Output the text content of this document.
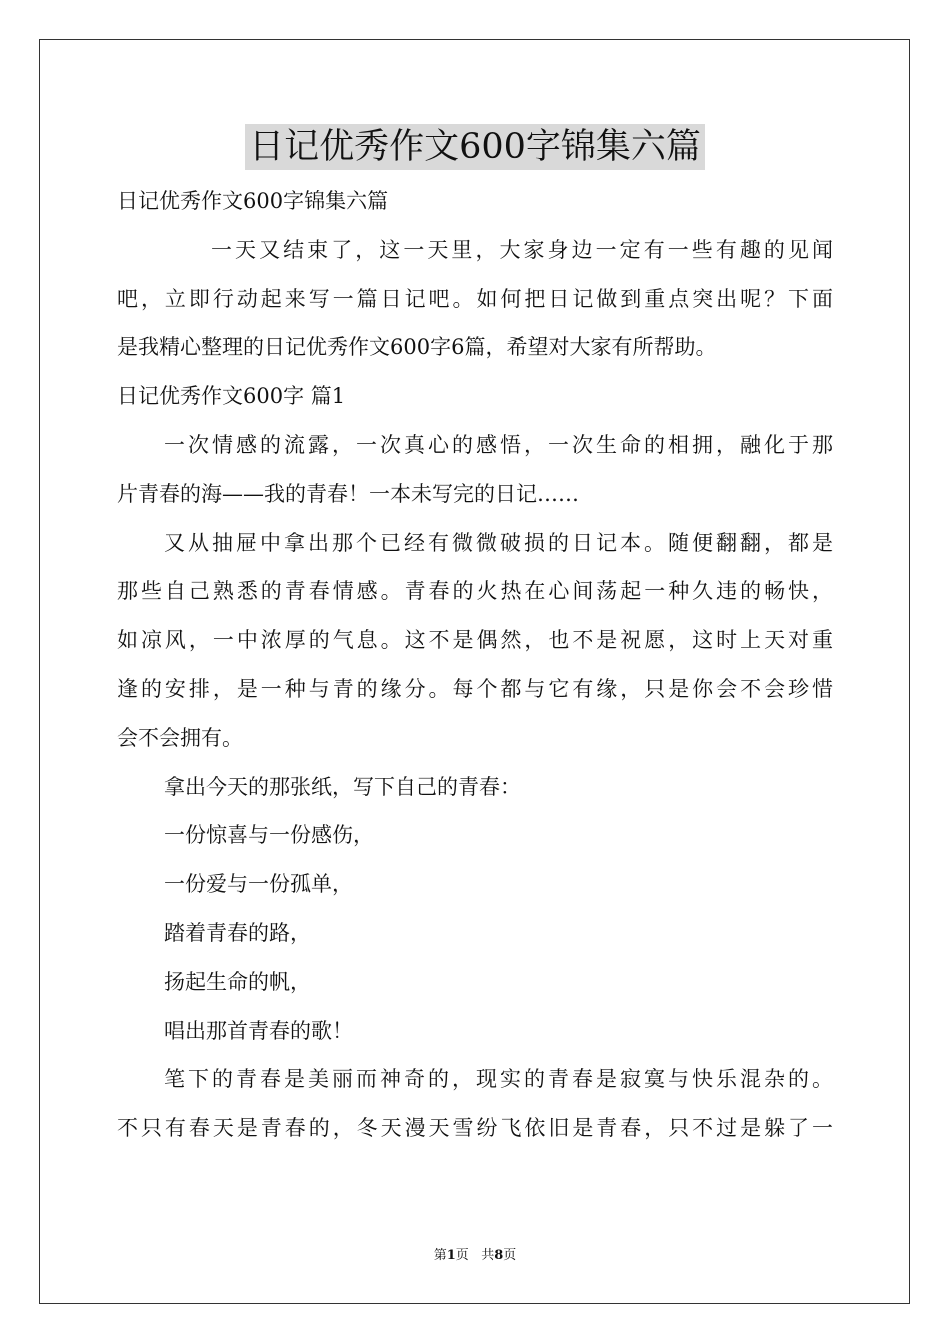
日记优秀作文600字锦集六篇

日记优秀作文600字锦集六篇

一天又结束了，这一天里，大家身边一定有一些有趣的见闻

吧，立即行动起来写一篇日记吧。如何把日记做到重点突出呢？下面

是我精心整理的日记优秀作文600字6篇，希望对大家有所帮助。

日记优秀作文600字 篇1

一次情感的流露，一次真心的感悟，一次生命的相拥，融化于那

片青春的海——我的青春！一本未写完的日记……

又从抽屉中拿出那个已经有微微破损的日记本。随便翻翻，都是

那些自己熟悉的青春情感。青春的火热在心间荡起一种久违的畅快，

如凉风，一中浓厚的气息。这不是偶然，也不是祝愿，这时上天对重

逢的安排，是一种与青的缘分。每个都与它有缘，只是你会不会珍惜

会不会拥有。

拿出今天的那张纸，写下自己的青春：

一份惊喜与一份感伤，

一份爱与一份孤单，

踏着青春的路，

扬起生命的帆，

唱出那首青春的歌！

笔下的青春是美丽而神奇的，现实的青春是寂寞与快乐混杂的。

不只有春天是青春的，冬天漫天雪纷飞依旧是青春，只不过是躲了一

第1页 共8页
